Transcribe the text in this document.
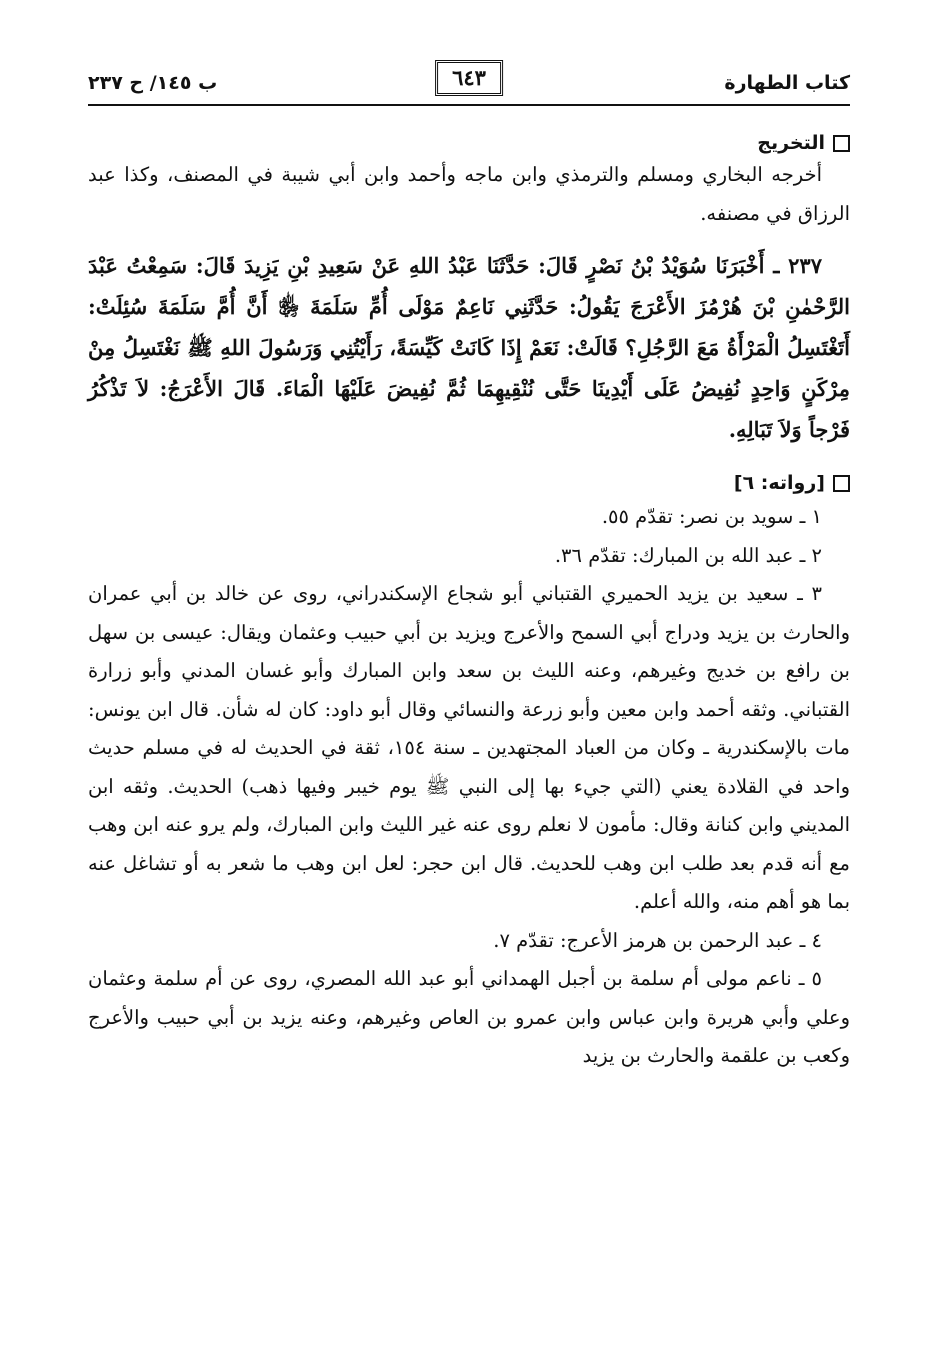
كتاب الطهارة
٦٤٣
ب ١٤٥/ ح ٢٣٧
التخريج

أخرجه البخاري ومسلم والترمذي وابن ماجه وأحمد وابن أبي شيبة في المصنف، وكذا عبد الرزاق في مصنفه.

٢٣٧ ـ أَخْبَرَنَا سُوَيْدُ بْنُ نَصْرٍ قَالَ: حَدَّثَنَا عَبْدُ اللهِ عَنْ سَعِيدِ بْنِ يَزِيدَ قَالَ: سَمِعْتُ عَبْدَ الرَّحْمٰنِ بْنَ هُرْمُزَ الأَعْرَجَ يَقُولُ: حَدَّثَنِي نَاعِمٌ مَوْلَى أُمِّ سَلَمَةَ ﵂ أَنَّ أُمَّ سَلَمَةَ سُئِلَتْ: أَتَغْتَسِلُ الْمَرْأَةُ مَعَ الرَّجُلِ؟ قَالَتْ: نَعَمْ إِذَا كَانَتْ كَيِّسَةً، رَأَيْتُنِي وَرَسُولَ اللهِ ﷺ نَغْتَسِلُ مِنْ مِرْكَنٍ وَاحِدٍ نُفِيضُ عَلَى أَيْدِينَا حَتَّى نُنْقِيهِمَا ثُمَّ نُفِيضَ عَلَيْهَا الْمَاءَ. قَالَ الأَعْرَجُ: لاَ تَذْكُرُ فَرْجاً وَلاَ تَبَالِهِ.

[رواته: ٦]

١ ـ سويد بن نصر: تقدّم ٥٥.

٢ ـ عبد الله بن المبارك: تقدّم ٣٦.

٣ ـ سعيد بن يزيد الحميري القتباني أبو شجاع الإسكندراني، روى عن خالد بن أبي عمران والحارث بن يزيد ودراج أبي السمح والأعرج ويزيد بن أبي حبيب وعثمان ويقال: عيسى بن سهل بن رافع بن خديج وغيرهم، وعنه الليث بن سعد وابن المبارك وأبو غسان المدني وأبو زرارة القتباني. وثقه أحمد وابن معين وأبو زرعة والنسائي وقال أبو داود: كان له شأن. قال ابن يونس: مات بالإسكندرية ـ وكان من العباد المجتهدين ـ سنة ١٥٤، ثقة في الحديث له في مسلم حديث واحد في القلادة يعني (التي جيء بها إلى النبي ﷺ يوم خيبر وفيها ذهب) الحديث. وثقه ابن المديني وابن كنانة وقال: مأمون لا نعلم روى عنه غير الليث وابن المبارك، ولم يرو عنه ابن وهب مع أنه قدم بعد طلب ابن وهب للحديث. قال ابن حجر: لعل ابن وهب ما شعر به أو تشاغل عنه بما هو أهم منه، والله أعلم.

٤ ـ عبد الرحمن بن هرمز الأعرج: تقدّم ٧.

٥ ـ ناعم مولى أم سلمة بن أجبل الهمداني أبو عبد الله المصري، روى عن أم سلمة وعثمان وعلي وأبي هريرة وابن عباس وابن عمرو بن العاص وغيرهم، وعنه يزيد بن أبي حبيب والأعرج وكعب بن علقمة والحارث بن يزيد
